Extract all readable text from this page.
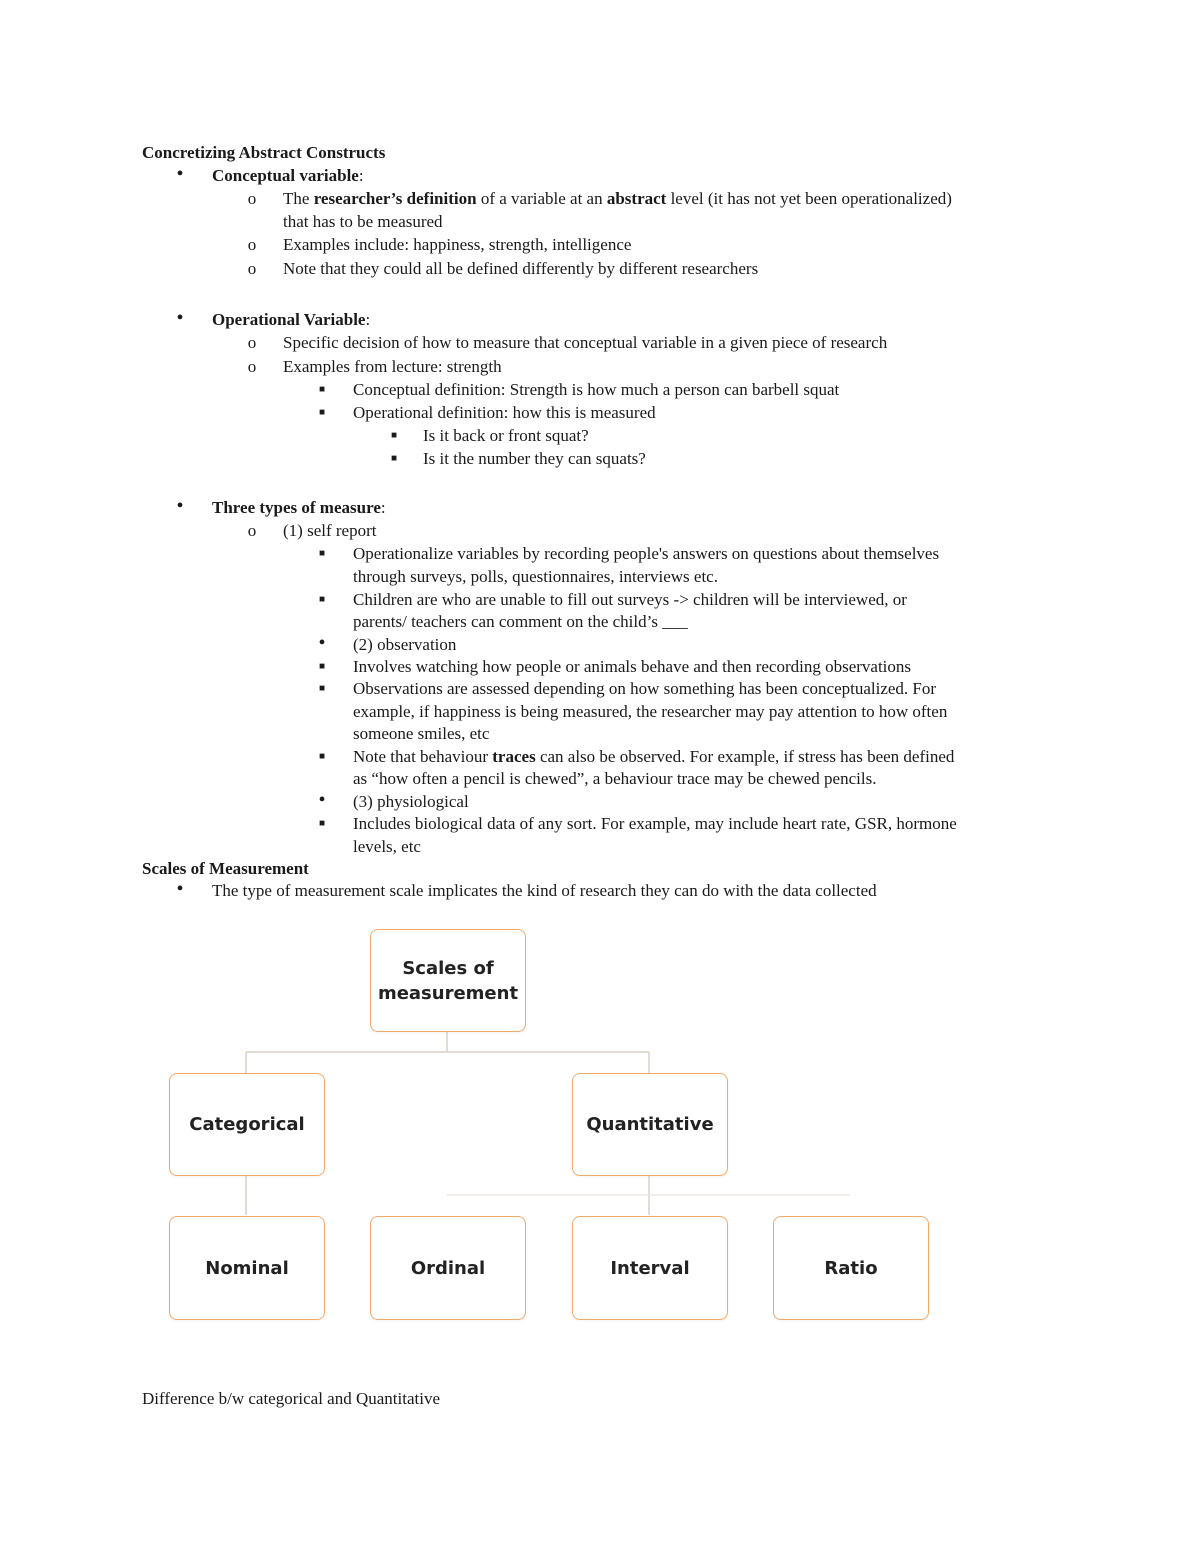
Concretizing Abstract Constructs
• Conceptual variable:
o The researcher’s definition of a variable at an abstract level (it has not yet been operationalized)
that has to be measured
o Examples include: happiness, strength, intelligence
o Note that they could all be defined differently by different researchers
• Operational Variable:
o Specific decision of how to measure that conceptual variable in a given piece of research
o Examples from lecture: strength
■ Conceptual definition: Strength is how much a person can barbell squat
■ Operational definition: how this is measured
■ Is it back or front squat?
■ Is it the number they can squats?
• Three types of measure:
o (1) self report
■ Operationalize variables by recording people's answers on questions about themselves
through surveys, polls, questionnaires, interviews etc.
■ Children are who are unable to fill out surveys -> children will be interviewed, or
parents/ teachers can comment on the child’s ___
• (2) observation
■ Involves watching how people or animals behave and then recording observations
■ Observations are assessed depending on how something has been conceptualized. For
example, if happiness is being measured, the researcher may pay attention to how often
someone smiles, etc
■ Note that behaviour traces can also be observed. For example, if stress has been defined
as “how often a pencil is chewed”, a behaviour trace may be chewed pencils.
• (3) physiological
■ Includes biological data of any sort. For example, may include heart rate, GSR, hormone
levels, etc
Scales of Measurement
• The type of measurement scale implicates the kind of research they can do with the data collected
Scales of
measurement
Categorical	Quantitative
Nominal	Ordinal	Interval	Ratio
Difference b/w categorical and Quantitative
